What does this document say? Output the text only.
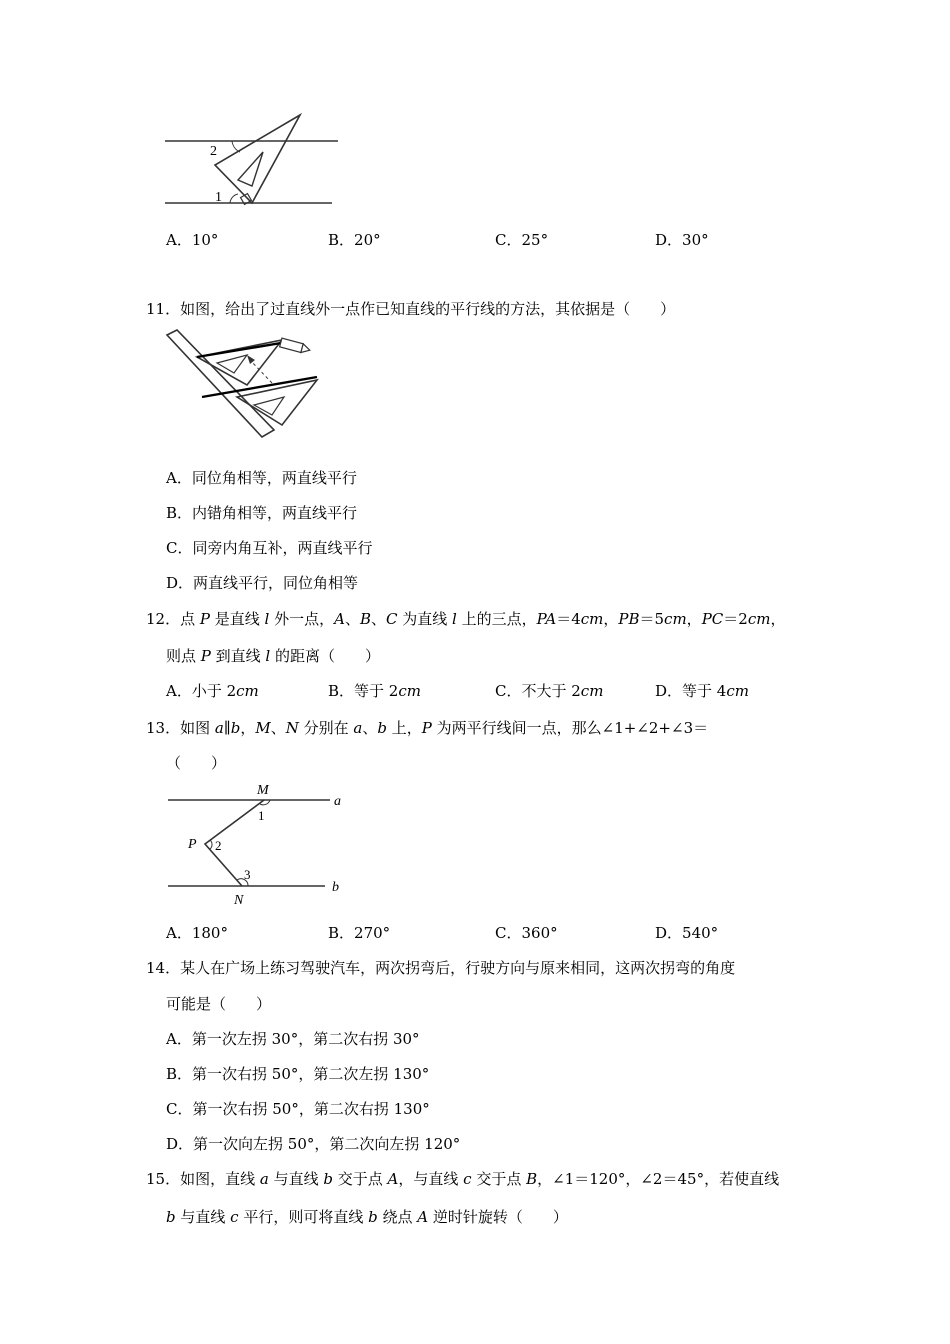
2
1
A．10°	B．20°	C．25°	D．30°
11．如图，给出了过直线外一点作已知直线的平行线的方法，其依据是（　　）
A．同位角相等，两直线平行
B．内错角相等，两直线平行
C．同旁内角互补，两直线平行
D．两直线平行，同位角相等
12．点 P 是直线 l 外一点，A、B、C 为直线 l 上的三点，PA＝4cm，PB＝5cm，PC＝2cm，
则点 P 到直线 l 的距离（　　）
A．小于 2cm	B．等于 2cm	C．不大于 2cm	D．等于 4cm
13．如图 a∥b，M、N 分别在 a、b 上，P 为两平行线间一点，那么∠1+∠2+∠3＝
（　　）
M
1
a
P 2
3
b
N
A．180°	B．270°	C．360°	D．540°
14．某人在广场上练习驾驶汽车，两次拐弯后，行驶方向与原来相同，这两次拐弯的角度
可能是（　　）
A．第一次左拐 30°，第二次右拐 30°
B．第一次右拐 50°，第二次左拐 130°
C．第一次右拐 50°，第二次右拐 130°
D．第一次向左拐 50°，第二次向左拐 120°
15．如图，直线 a 与直线 b 交于点 A，与直线 c 交于点 B，∠1＝120°，∠2＝45°，若使直线
b 与直线 c 平行，则可将直线 b 绕点 A 逆时针旋转（　　）
